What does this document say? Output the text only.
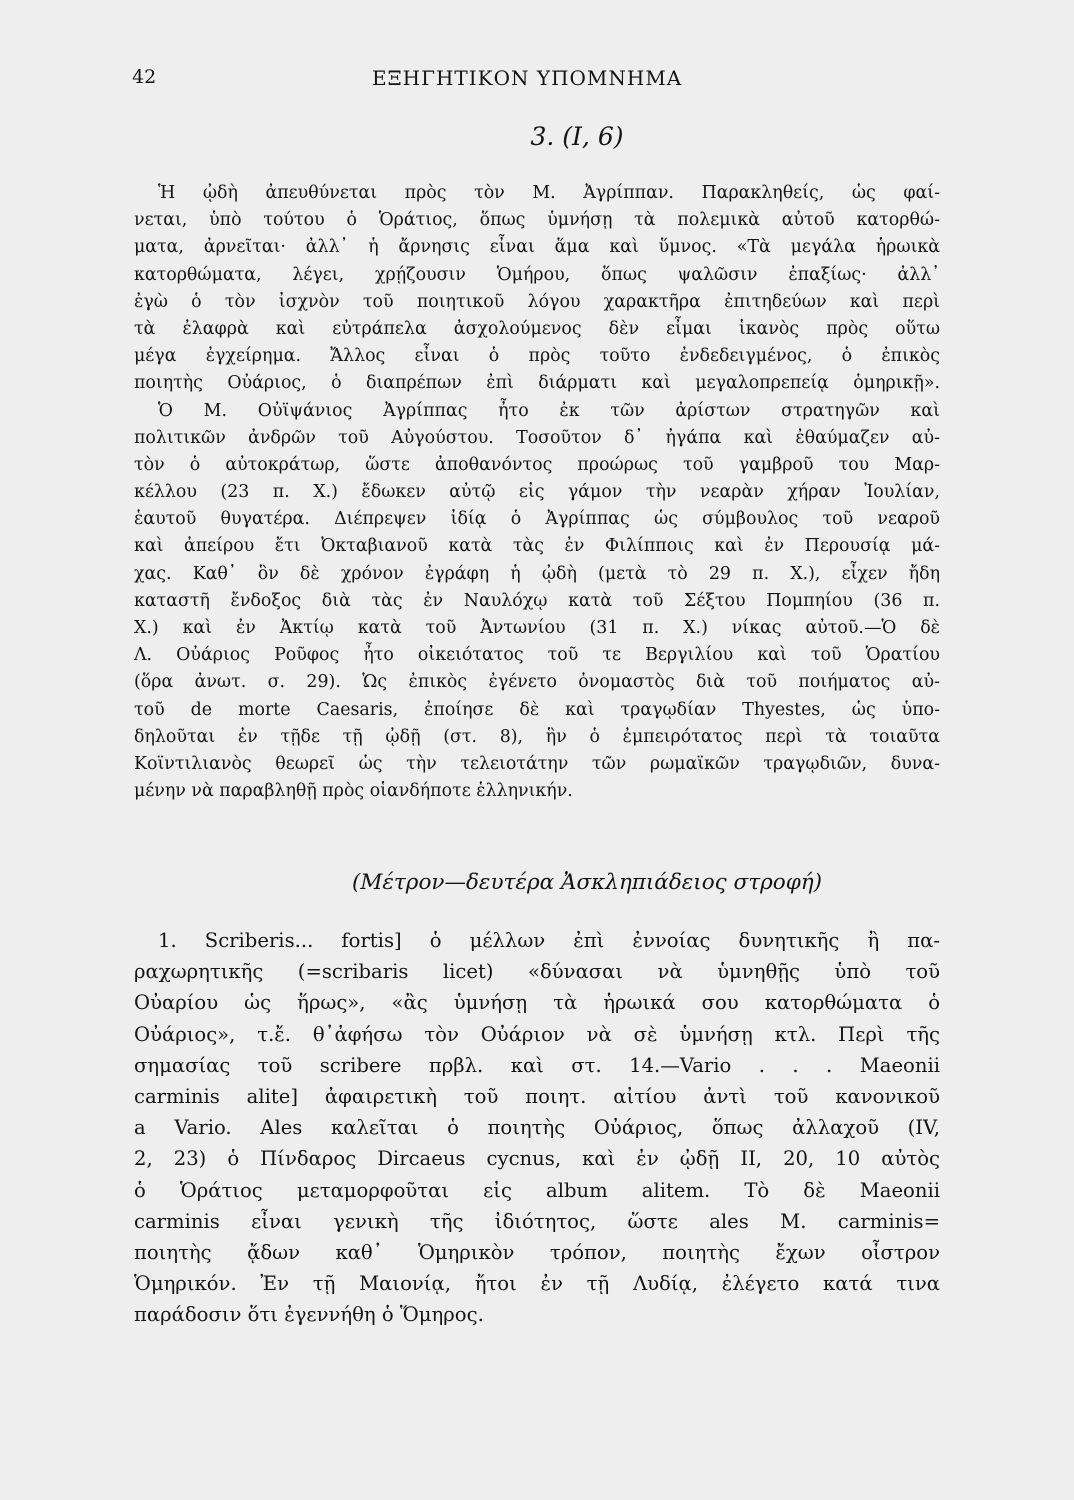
42	ΕΞΗΓΗΤΙΚΟΝ ΥΠΟΜΝΗΜΑ
3. (I, 6)
Ἡ ᾠδὴ ἀπευθύνεται πρὸς τὸν Μ. Ἀγρίππαν. Παρακληθείς, ὡς φαί-
νεται, ὑπὸ τούτου ὁ Ὁράτιος, ὅπως ὑμνήσῃ τὰ πολεμικὰ αὐτοῦ κατορθώ-
ματα, ἀρνεῖται· ἀλλ᾽ ἡ ἄρνησις εἶναι ἅμα καὶ ὕμνος. «Τὰ μεγάλα ἡρωικὰ
κατορθώματα, λέγει, χρῄζουσιν Ὁμήρου, ὅπως ψαλῶσιν ἐπαξίως· ἀλλ᾽
ἐγὼ ὁ τὸν ἰσχνὸν τοῦ ποιητικοῦ λόγου χαρακτῆρα ἐπιτηδεύων καὶ περὶ
τὰ ἐλαφρὰ καὶ εὐτράπελα ἀσχολούμενος δὲν εἶμαι ἱκανὸς πρὸς οὕτω
μέγα ἐγχείρημα. Ἄλλος εἶναι ὁ πρὸς τοῦτο ἐνδεδειγμένος, ὁ ἐπικὸς
ποιητὴς Οὐάριος, ὁ διαπρέπων ἐπὶ διάρματι καὶ μεγαλοπρεπείᾳ ὁμηρικῇ».
Ὁ Μ. Οὐϊψάνιος Ἀγρίππας ἦτο ἐκ τῶν ἀρίστων στρατηγῶν καὶ
πολιτικῶν ἀνδρῶν τοῦ Αὐγούστου. Τοσοῦτον δ᾽ ἠγάπα καὶ ἐθαύμαζεν αὐ-
τὸν ὁ αὐτοκράτωρ, ὥστε ἀποθανόντος προώρως τοῦ γαμβροῦ του Μαρ-
κέλλου (23 π. Χ.) ἔδωκεν αὐτῷ εἰς γάμον τὴν νεαρὰν χήραν Ἰουλίαν,
ἑαυτοῦ θυγατέρα. Διέπρεψεν ἰδίᾳ ὁ Ἀγρίππας ὡς σύμβουλος τοῦ νεαροῦ
καὶ ἀπείρου ἔτι Ὀκταβιανοῦ κατὰ τὰς ἐν Φιλίπποις καὶ ἐν Περουσίᾳ μά-
χας. Καθ᾽ ὃν δὲ χρόνον ἐγράφη ἡ ᾠδὴ (μετὰ τὸ 29 π. Χ.), εἶχεν ἤδη
καταστῆ ἔνδοξος διὰ τὰς ἐν Ναυλόχῳ κατὰ τοῦ Σέξτου Πομπηίου (36 π.
Χ.) καὶ ἐν Ἀκτίῳ κατὰ τοῦ Ἀντωνίου (31 π. Χ.) νίκας αὐτοῦ.—Ὁ δὲ
Λ. Οὐάριος Ροῦφος ἦτο οἰκειότατος τοῦ τε Βεργιλίου καὶ τοῦ Ὁρατίου
(ὅρα ἀνωτ. σ. 29). Ὡς ἐπικὸς ἐγένετο ὀνομαστὸς διὰ τοῦ ποιήματος αὐ-
τοῦ de morte Caesaris, ἐποίησε δὲ καὶ τραγῳδίαν Thyestes, ὡς ὑπο-
δηλοῦται ἐν τῇδε τῇ ᾠδῇ (στ. 8), ἣν ὁ ἐμπειρότατος περὶ τὰ τοιαῦτα
Κοϊντιλιανὸς θεωρεῖ ὡς τὴν τελειοτάτην τῶν ρωμαϊκῶν τραγῳδιῶν, δυνα-
μένην νὰ παραβληθῇ πρὸς οἱανδήποτε ἑλληνικήν.
(Μέτρον—δευτέρα Ἀσκληπιάδειος στροφή)
1. Scriberis... fortis] ὁ μέλλων ἐπὶ ἐννοίας δυνητικῆς ἢ πα-
ραχωρητικῆς (=scribaris licet) «δύνασαι νὰ ὑμνηθῇς ὑπὸ τοῦ
Οὐαρίου ὡς ἥρως», «ἂς ὑμνήσῃ τὰ ἡρωικά σου κατορθώματα ὁ
Οὐάριος», τ.ἔ. θ᾽ἀφήσω τὸν Οὐάριον νὰ σὲ ὑμνήσῃ κτλ. Περὶ τῆς
σημασίας τοῦ scribere πρβλ. καὶ στ. 14.—Vario . . . Maeonii
carminis alite] ἀφαιρετικὴ τοῦ ποιητ. αἰτίου ἀντὶ τοῦ κανονικοῦ
a Vario. Ales καλεῖται ὁ ποιητὴς Οὐάριος, ὅπως ἀλλαχοῦ (IV,
2, 23) ὁ Πίνδαρος Dircaeus cycnus, καὶ ἐν ᾠδῇ II, 20, 10 αὐτὸς
ὁ Ὁράτιος μεταμορφοῦται εἰς album alitem. Τὸ δὲ Maeonii
carminis εἶναι γενικὴ τῆς ἰδιότητος, ὥστε ales M. carminis=
ποιητὴς ᾄδων καθ᾽ Ὁμηρικὸν τρόπον, ποιητὴς ἔχων οἶστρον
Ὁμηρικόν. Ἐν τῇ Μαιονίᾳ, ἤτοι ἐν τῇ Λυδίᾳ, ἐλέγετο κατά τινα
παράδοσιν ὅτι ἐγεννήθη ὁ Ὅμηρος.
